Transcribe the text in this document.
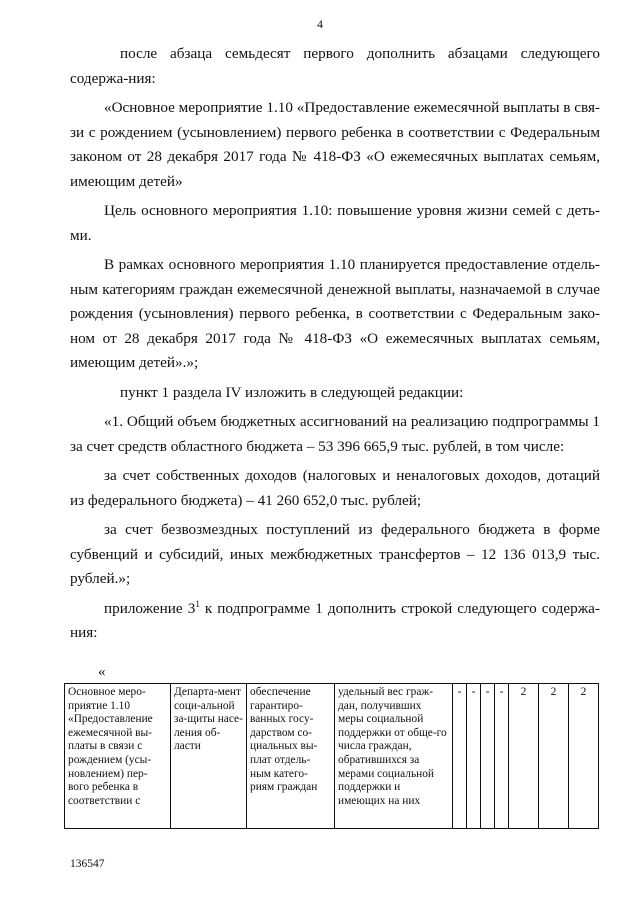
4

после абзаца семьдесят первого дополнить абзацами следующего содержа-ния:

«Основное мероприятие 1.10 «Предоставление ежемесячной выплаты в свя-зи с рождением (усыновлением) первого ребенка в соответствии с Федеральным законом от 28 декабря 2017 года № 418-ФЗ «О ежемесячных выплатах семьям, имеющим детей»

Цель основного мероприятия 1.10: повышение уровня жизни семей с деть-ми.

В рамках основного мероприятия 1.10 планируется предоставление отдель-ным категориям граждан ежемесячной денежной выплаты, назначаемой в случае рождения (усыновления) первого ребенка, в соответствии с Федеральным зако-ном от 28 декабря 2017 года № 418-ФЗ «О ежемесячных выплатах семьям, имеющим детей».»;

пункт 1 раздела IV изложить в следующей редакции:

«1. Общий объем бюджетных ассигнований на реализацию подпрограммы 1 за счет средств областного бюджета – 53 396 665,9 тыс. рублей, в том числе:

за счет собственных доходов (налоговых и неналоговых доходов, дотаций из федерального бюджета) – 41 260 652,0 тыс. рублей;

за счет безвозмездных поступлений из федерального бюджета в форме субвенций и субсидий, иных межбюджетных трансфертов – 12 136 013,9 тыс. рублей.»;

приложение $3^1$ к подпрограмме 1 дополнить строкой следующего содержа-ния:

«
Основное меро-приятие 1.10 «Предоставление ежемесячной вы-платы в связи с рождением (усы-новлением) пер-вого ребенка в соответствии с	Департа-мент соци-альной за-щиты насе-ления об-ласти	обеспечение гарантиро-ванных госу-дарством со-циальных вы-плат отдель-ным катего-риям граждан	удельный вес граж-дан, получивших меры социальной поддержки от обще-го числа граждан, обратившихся за мерами социальной поддержки и имеющих на них	-	-	-	-	2	2	2
136547
